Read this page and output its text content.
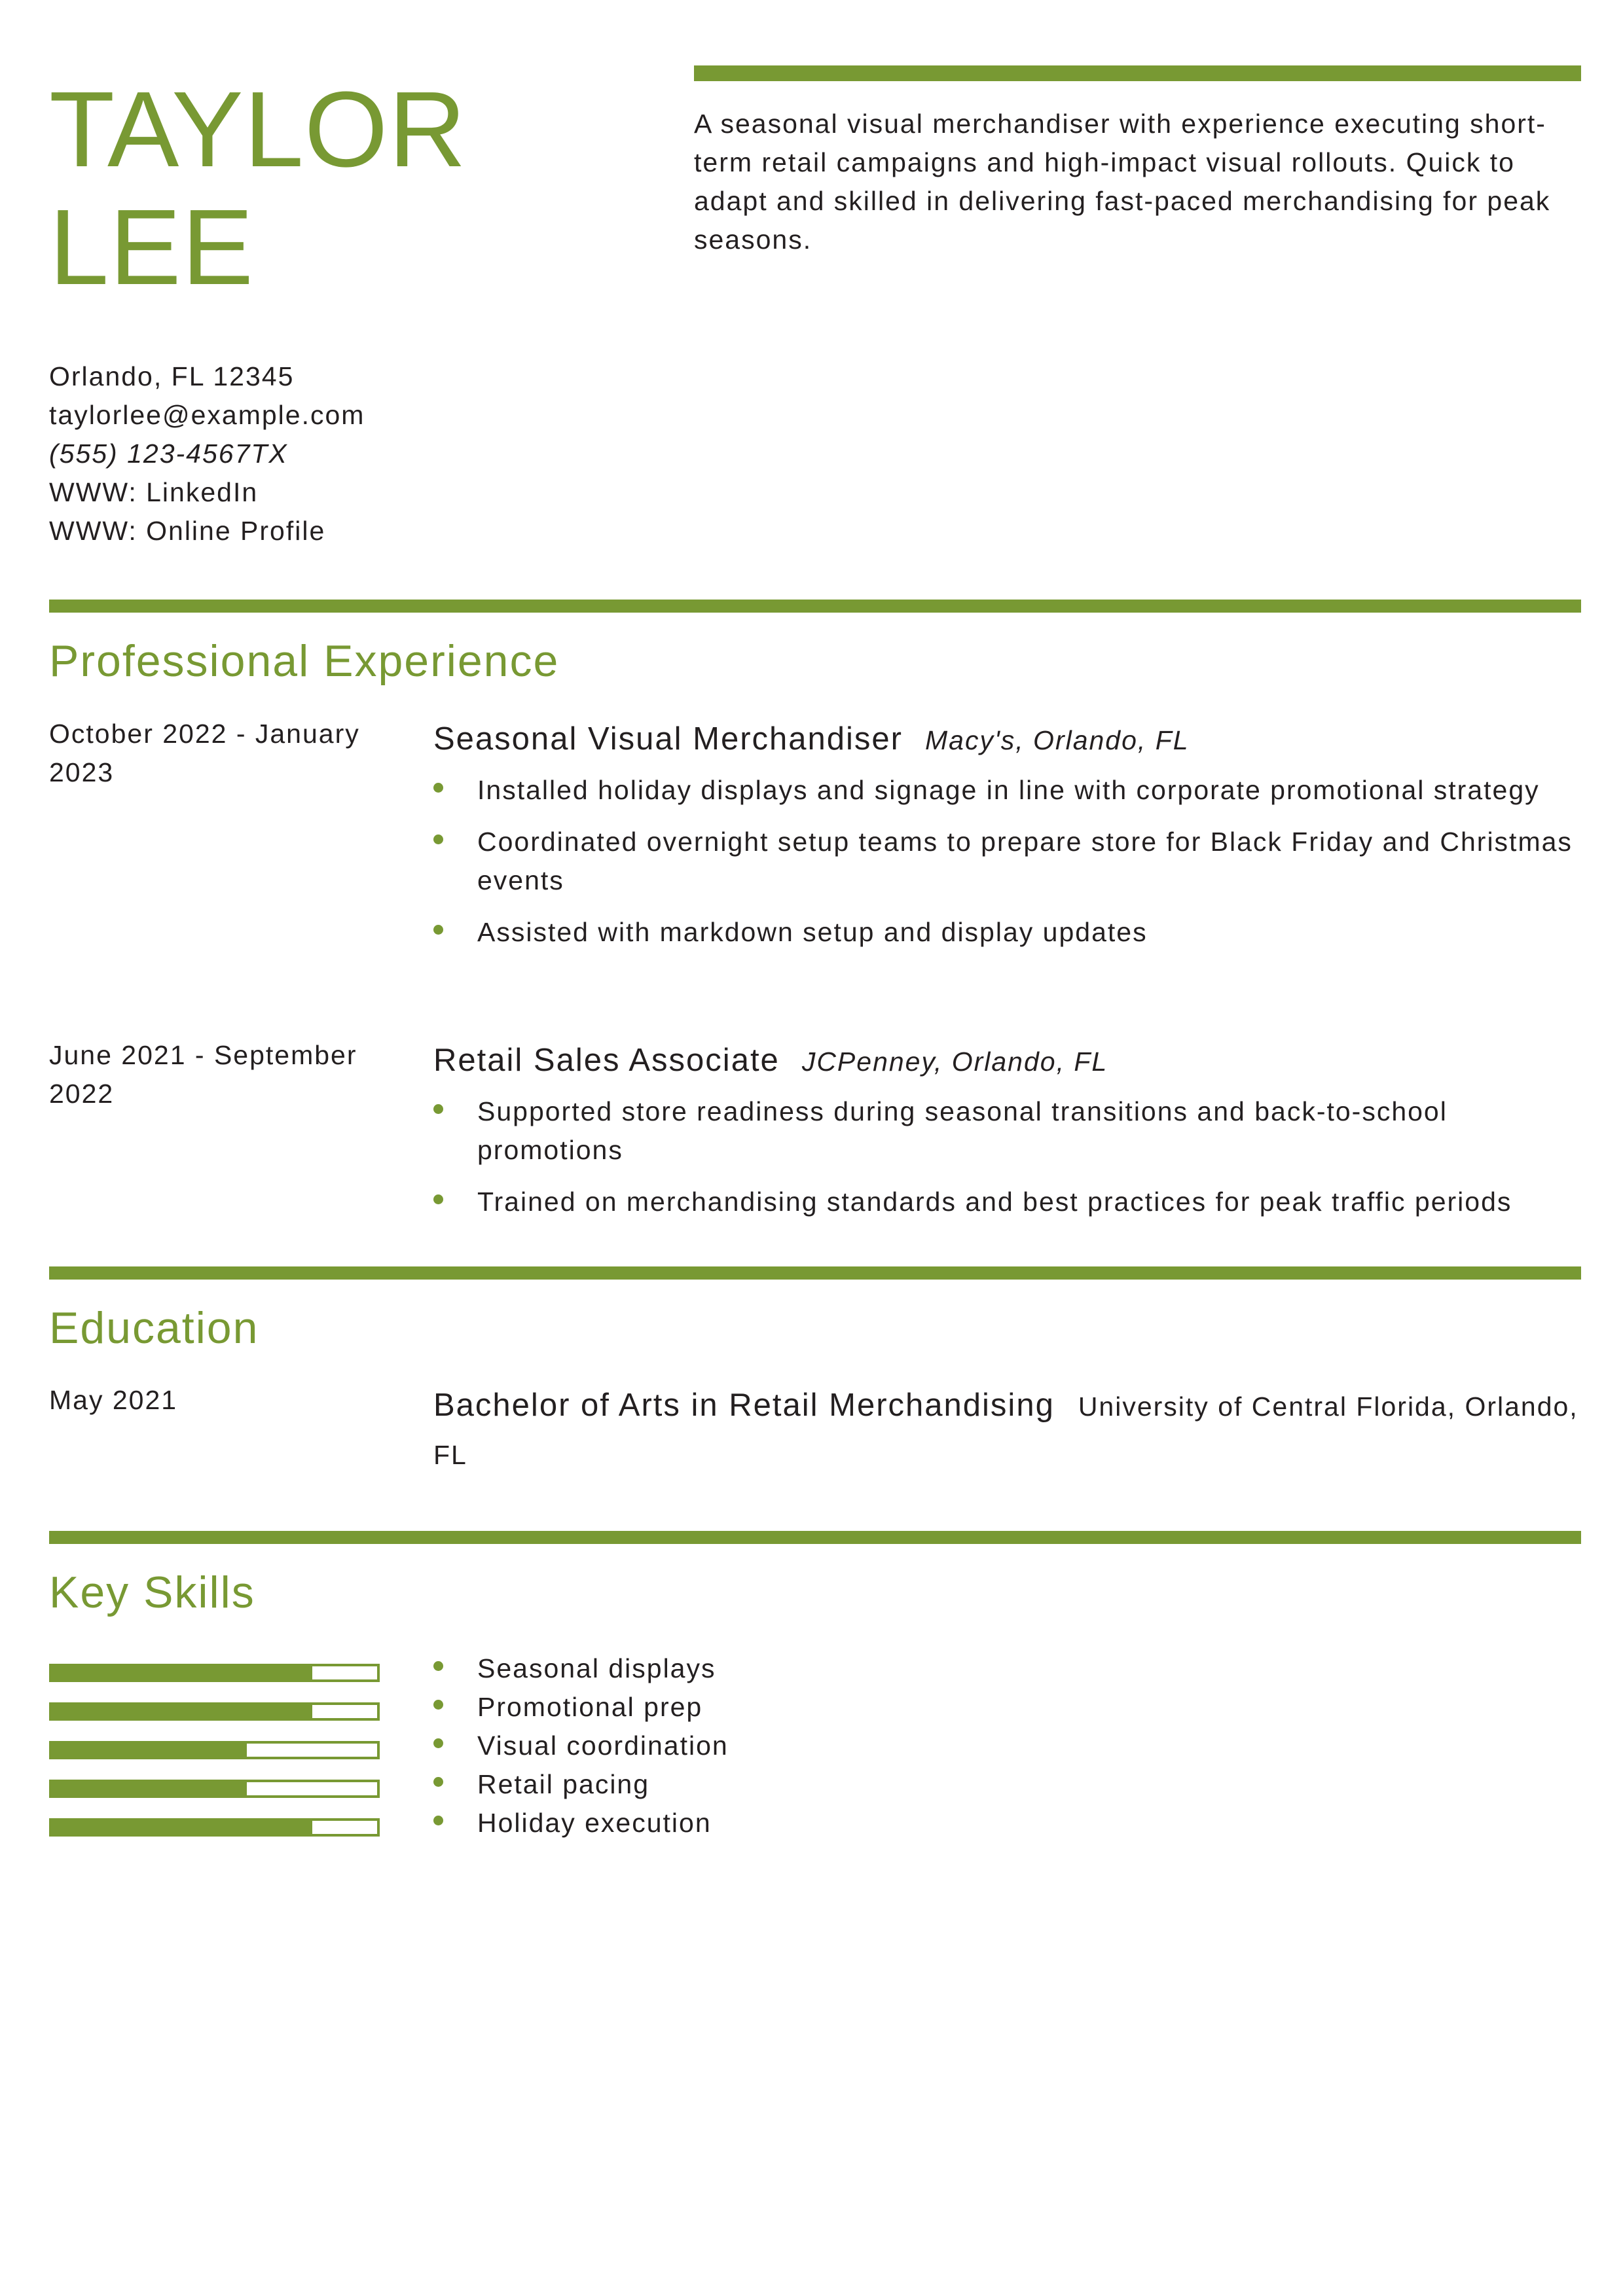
TAYLOR
LEE
A seasonal visual merchandiser with experience executing short-term retail campaigns and high-impact visual rollouts. Quick to adapt and skilled in delivering fast-paced merchandising for peak seasons.
Orlando, FL 12345
taylorlee@example.com
(555) 123-4567TX
WWW: LinkedIn
WWW: Online Profile
Professional Experience
October 2022 - January 2023
Seasonal Visual Merchandiser Macy's, Orlando, FL
Installed holiday displays and signage in line with corporate promotional strategy
Coordinated overnight setup teams to prepare store for Black Friday and Christmas events
Assisted with markdown setup and display updates
June 2021 - September 2022
Retail Sales Associate JCPenney, Orlando, FL
Supported store readiness during seasonal transitions and back-to-school promotions
Trained on merchandising standards and best practices for peak traffic periods
Education
May 2021	Bachelor of Arts in Retail Merchandising University of Central Florida, Orlando, FL
Key Skills
Seasonal displays
Promotional prep
Visual coordination
Retail pacing
Holiday execution
